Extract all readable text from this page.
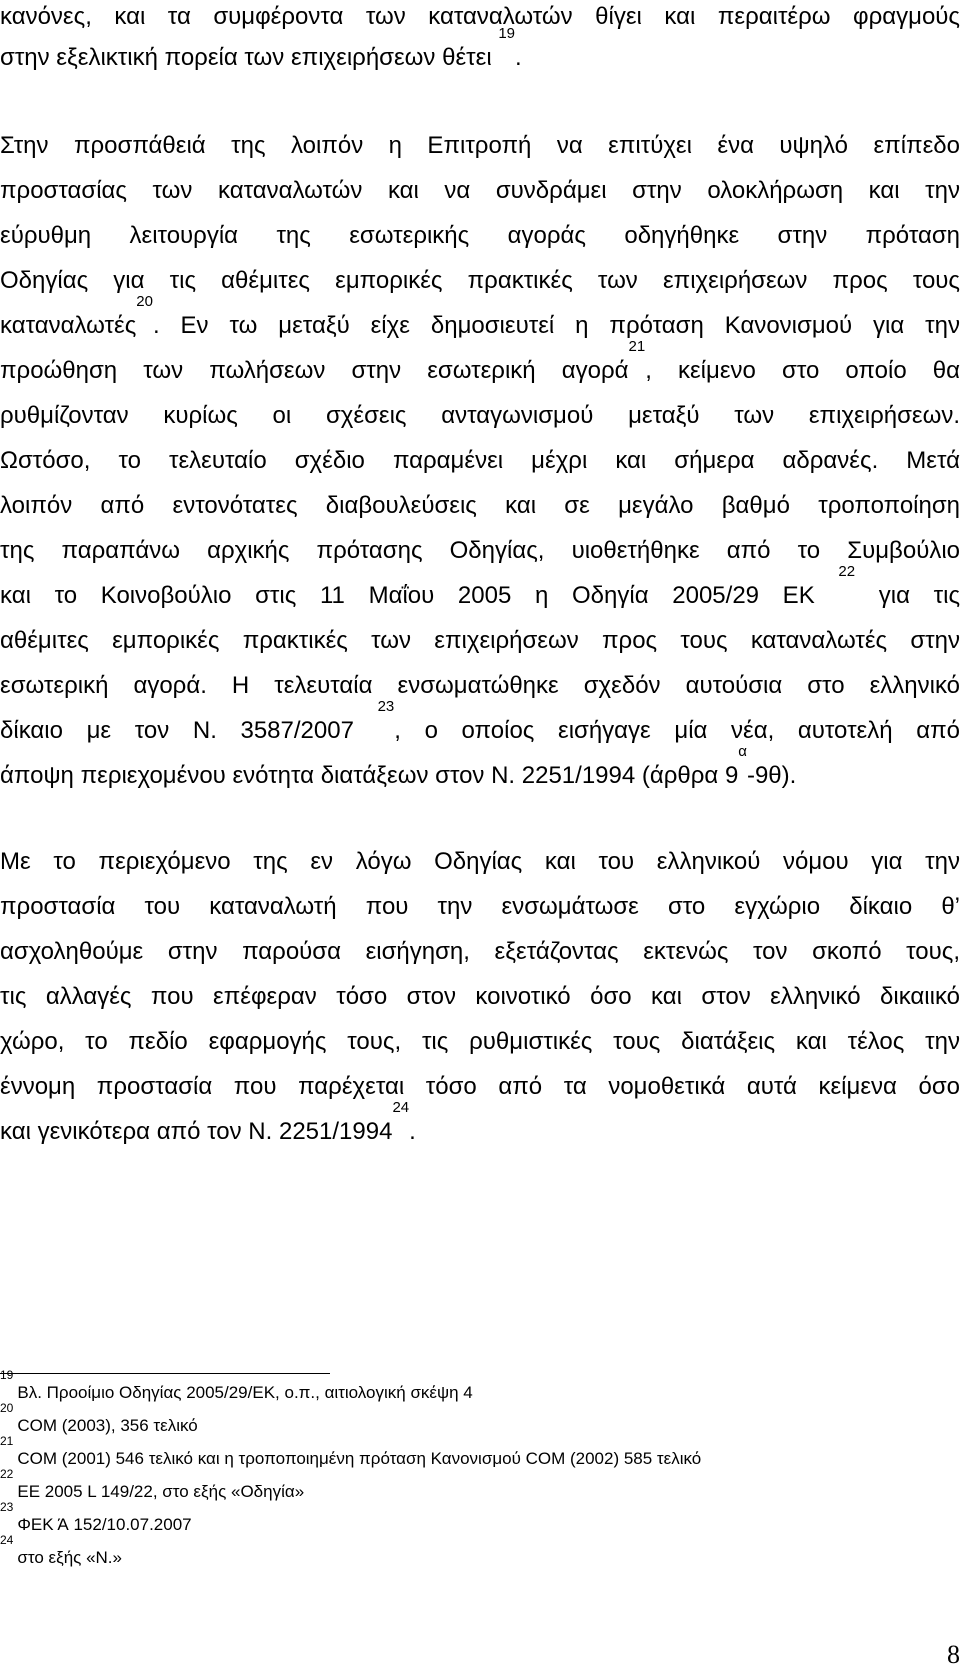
κανόνες, και τα συμφέροντα των καταναλωτών θίγει και περαιτέρω φραγμούς

στην εξελικτική πορεία των επιχειρήσεων θέτει $^{19}$.

Στην προσπάθειά της λοιπόν η Επιτροπή να επιτύχει ένα υψηλό επίπεδο

προστασίας των καταναλωτών και να συνδράμει στην ολοκλήρωση και την

εύρυθμη λειτουργία της εσωτερικής αγοράς οδηγήθηκε στην πρόταση

Οδηγίας για τις αθέμιτες εμπορικές πρακτικές των επιχειρήσεων προς τους

καταναλωτές$^{20}$. Εν τω μεταξύ είχε δημοσιευτεί η πρόταση Κανονισμού για την

προώθηση των πωλήσεων στην εσωτερική αγορά$^{21}$, κείμενο στο οποίο θα

ρυθμίζονταν κυρίως οι σχέσεις ανταγωνισμού μεταξύ των επιχειρήσεων.

Ωστόσο, το τελευταίο σχέδιο παραμένει μέχρι και σήμερα αδρανές. Μετά

λοιπόν από εντονότατες διαβουλεύσεις και σε μεγάλο βαθμό τροποποίηση

της παραπάνω αρχικής πρότασης Οδηγίας, υιοθετήθηκε από το Συμβούλιο

και το Κοινοβούλιο στις 11 Μαΐου 2005 η Οδηγία 2005/29 ΕΚ $^{22}$ για τις

αθέμιτες εμπορικές πρακτικές των επιχειρήσεων προς τους καταναλωτές στην

εσωτερική αγορά. Η τελευταία ενσωματώθηκε σχεδόν αυτούσια στο ελληνικό

δίκαιο με τον Ν. 3587/2007 $^{23}$, ο οποίος εισήγαγε μία νέα, αυτοτελή από

άποψη περιεχομένου ενότητα διατάξεων στον Ν. 2251/1994 (άρθρα $9^\alpha-9\theta$).

Με το περιεχόμενο της εν λόγω Οδηγίας και του ελληνικού νόμου για την

προστασία του καταναλωτή που την ενσωμάτωσε στο εγχώριο δίκαιο θ’

ασχοληθούμε στην παρούσα εισήγηση, εξετάζοντας εκτενώς τον σκοπό τους,

τις αλλαγές που επέφεραν τόσο στον κοινοτικό όσο και στον ελληνικό δικαιικό

χώρο, το πεδίο εφαρμογής τους, τις ρυθμιστικές τους διατάξεις και τέλος την

έννομη προστασία που παρέχεται τόσο από τα νομοθετικά αυτά κείμενα όσο

και γενικότερα από τον Ν. 2251/1994$^{24}$.

$^{19}$Βλ. Προοίμιο Οδηγίας 2005/29/ΕΚ, ο.π., αιτιολογική σκέψη 4

$^{20}$COM (2003), 356 τελικό

$^{21}$COM (2001) 546 τελικό και η τροποποιημένη πρόταση Κανονισμού COM (2002) 585 τελικό

$^{22}$ΕΕ 2005 L 149/22, στο εξής «Οδηγία»

$^{23}$ΦΕΚ Ά 152/10.07.2007

$^{24}$στο εξής «Ν.»

8
